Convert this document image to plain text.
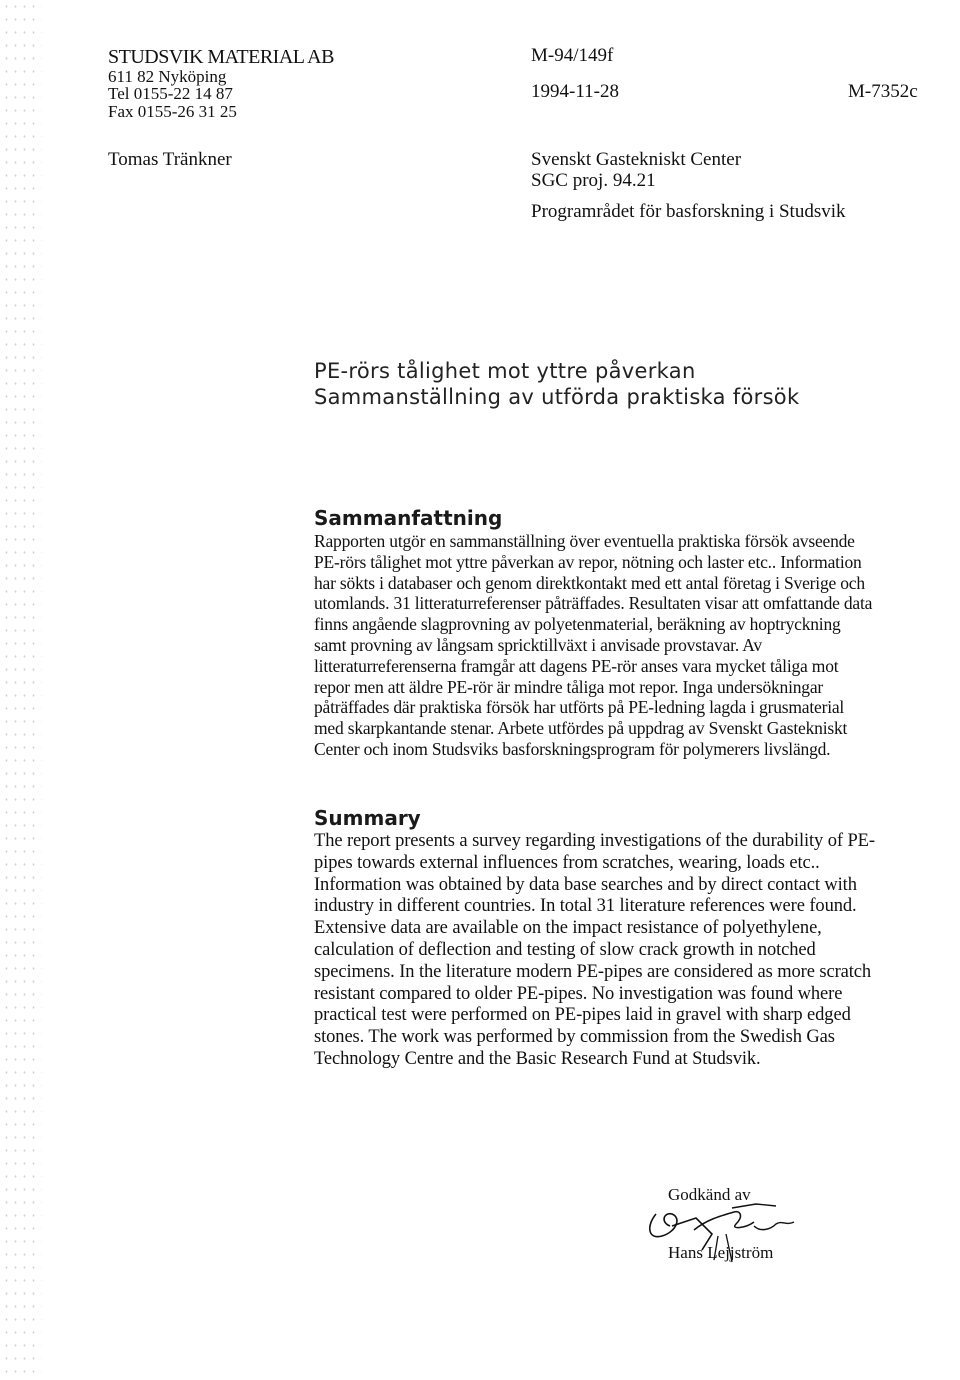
STUDSVIK MATERIAL AB
611 82 Nyköping
Tel 0155-22 14 87
Fax 0155-26 31 25
Tomas Tränkner
M-94/149f
1994-11-28	M-7352c
Svenskt Gastekniskt Center
SGC proj. 94.21
Programrådet för basforskning i Studsvik
PE-rörs tålighet mot yttre påverkan
Sammanställning av utförda praktiska försök
Sammanfattning
Rapporten utgör en sammanställning över eventuella praktiska försök avseende PE-rörs tålighet mot yttre påverkan av repor, nötning och laster etc.. Information har sökts i databaser och genom direktkontakt med ett antal företag i Sverige och utomlands. 31 litteraturreferenser påträffades. Resultaten visar att omfattande data finns angående slagprovning av polyetenmaterial, beräkning av hoptryckning samt provning av långsam spricktillväxt i anvisade provstavar. Av litteraturreferenserna framgår att dagens PE-rör anses vara mycket tåliga mot repor men att äldre PE-rör är mindre tåliga mot repor. Inga undersökningar påträffades där praktiska försök har utförts på PE-ledning lagda i grusmaterial med skarpkantande stenar. Arbete utfördes på uppdrag av Svenskt Gastekniskt Center och inom Studsviks basforskningsprogram för polymerers livslängd.
Summary
The report presents a survey regarding investigations of the durability of PE-pipes towards external influences from scratches, wearing, loads etc.. Information was obtained by data base searches and by direct contact with industry in different countries. In total 31 literature references were found. Extensive data are available on the impact resistance of polyethylene, calculation of deflection and testing of slow crack growth in notched specimens. In the literature modern PE-pipes are considered as more scratch resistant compared to older PE-pipes. No investigation was found where practical test were performed on PE-pipes laid in gravel with sharp edged stones. The work was performed by commission from the Swedish Gas Technology Centre and the Basic Research Fund at Studsvik.
Godkänd av
Hans Lejjström
